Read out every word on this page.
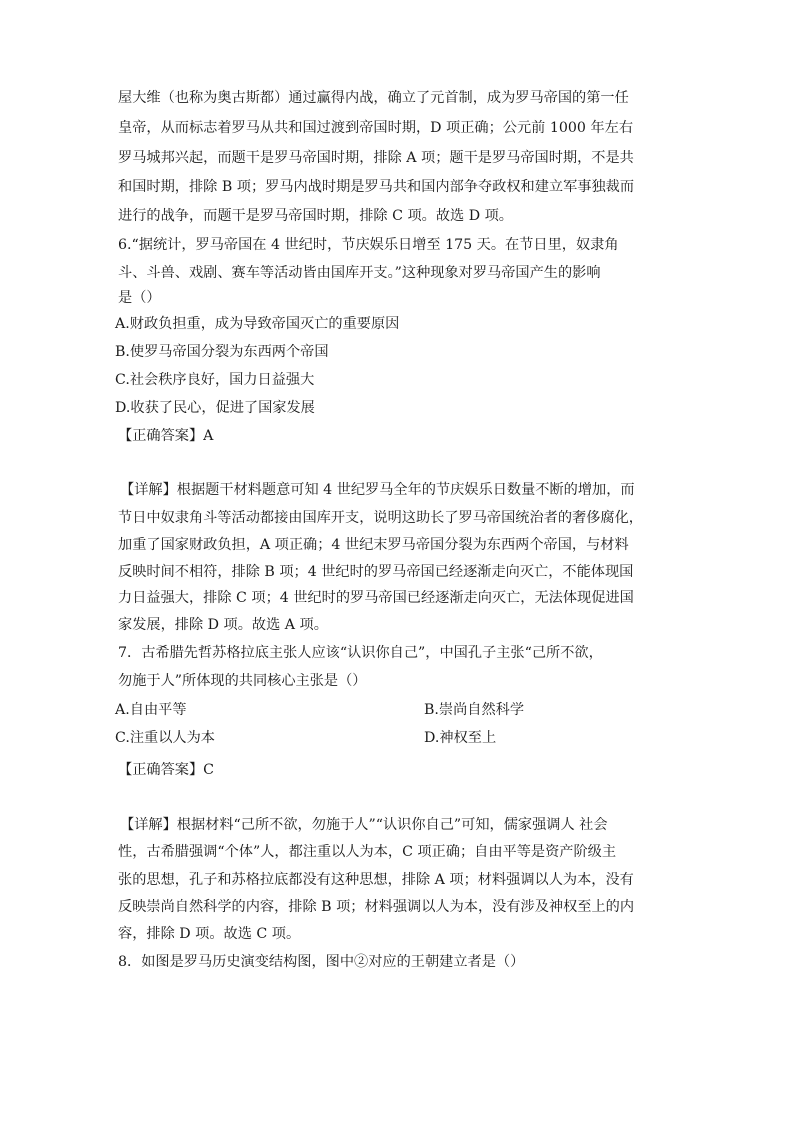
屋大维（也称为奥古斯都）通过赢得内战，确立了元首制，成为罗马帝国的第一任
皇帝，从而标志着罗马从共和国过渡到帝国时期，D 项正确；公元前 1000 年左右
罗马城邦兴起，而题干是罗马帝国时期，排除 A 项；题干是罗马帝国时期，不是共
和国时期，排除 B 项；罗马内战时期是罗马共和国内部争夺政权和建立军事独裁而
进行的战争，而题干是罗马帝国时期，排除 C 项。故选 D 项。
6.“据统计，罗马帝国在 4 世纪时，节庆娱乐日增至 175 天。在节日里，奴隶角
斗、斗兽、戏剧、赛车等活动皆由国库开支。”这种现象对罗马帝国产生的影响
是（）
A.财政负担重，成为导致帝国灭亡的重要原因
B.使罗马帝国分裂为东西两个帝国
C.社会秩序良好，国力日益强大
D.收获了民心，促进了国家发展
【正确答案】A
【详解】根据题干材料题意可知 4 世纪罗马全年的节庆娱乐日数量不断的增加，而
节日中奴隶角斗等活动都接由国库开支，说明这助长了罗马帝国统治者的奢侈腐化，
加重了国家财政负担，A 项正确；4 世纪末罗马帝国分裂为东西两个帝国，与材料
反映时间不相符，排除 B 项；4 世纪时的罗马帝国已经逐渐走向灭亡，不能体现国
力日益强大，排除 C 项；4 世纪时的罗马帝国已经逐渐走向灭亡，无法体现促进国
家发展，排除 D 项。故选 A 项。
7．古希腊先哲苏格拉底主张人应该“认识你自己”，中国孔子主张“己所不欲，
勿施于人”所体现的共同核心主张是（）
A.自由平等	B.崇尚自然科学
C.注重以人为本	D.神权至上
【正确答案】C
【详解】根据材料“己所不欲，勿施于人”“认识你自己”可知，儒家强调人 社会
性，古希腊强调“个体”人，都注重以人为本，C 项正确；自由平等是资产阶级主
张的思想，孔子和苏格拉底都没有这种思想，排除 A 项；材料强调以人为本，没有
反映崇尚自然科学的内容，排除 B 项；材料强调以人为本，没有涉及神权至上的内
容，排除 D 项。故选 C 项。
8．如图是罗马历史演变结构图，图中②对应的王朝建立者是（）
